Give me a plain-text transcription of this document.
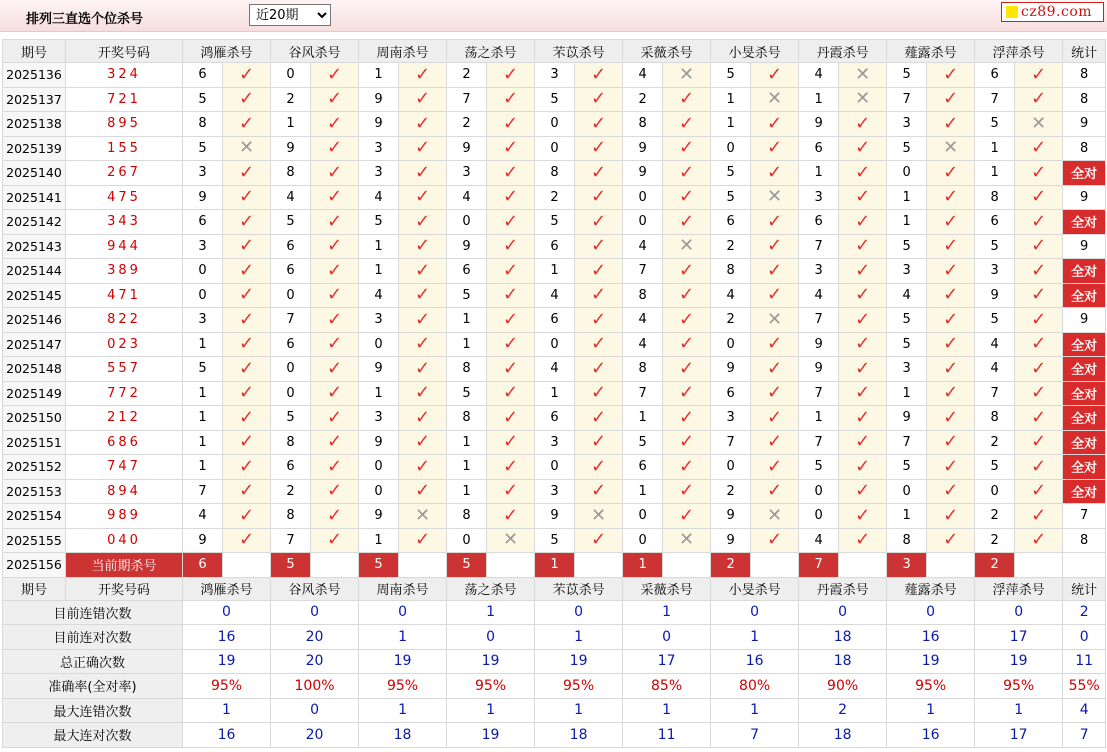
排列三直选个位杀号
近20期	cz89.com
期号	开奖号码	鸿雁杀号		谷风杀号		周南杀号		荡之杀号		芣苡杀号		采薇杀号		小旻杀号		丹霞杀号		薤露杀号		浮萍杀号		统计
2025136	324	6	✓	0	✓	1	✓	2	✓	3	✓	4	✕	5	✓	4	✕	5	✓	6	✓	8
2025137	721	5	✓	2	✓	9	✓	7	✓	5	✓	2	✓	1	✕	1	✕	7	✓	7	✓	8
2025138	895	8	✓	1	✓	9	✓	2	✓	0	✓	8	✓	1	✓	9	✓	3	✓	5	✕	9
2025139	155	5	✕	9	✓	3	✓	9	✓	0	✓	9	✓	0	✓	6	✓	5	✕	1	✓	8
2025140	267	3	✓	8	✓	3	✓	3	✓	8	✓	9	✓	5	✓	1	✓	0	✓	1	✓	全对
2025141	475	9	✓	4	✓	4	✓	4	✓	2	✓	0	✓	5	✕	3	✓	1	✓	8	✓	9
2025142	343	6	✓	5	✓	5	✓	0	✓	5	✓	0	✓	6	✓	6	✓	1	✓	6	✓	全对
2025143	944	3	✓	6	✓	1	✓	9	✓	6	✓	4	✕	2	✓	7	✓	5	✓	5	✓	9
2025144	389	0	✓	6	✓	1	✓	6	✓	1	✓	7	✓	8	✓	3	✓	3	✓	3	✓	全对
2025145	471	0	✓	0	✓	4	✓	5	✓	4	✓	8	✓	4	✓	4	✓	4	✓	9	✓	全对
2025146	822	3	✓	7	✓	3	✓	1	✓	6	✓	4	✓	2	✕	7	✓	5	✓	5	✓	9
2025147	023	1	✓	6	✓	0	✓	1	✓	0	✓	4	✓	0	✓	9	✓	5	✓	4	✓	全对
2025148	557	5	✓	0	✓	9	✓	8	✓	4	✓	8	✓	9	✓	9	✓	3	✓	4	✓	全对
2025149	772	1	✓	0	✓	1	✓	5	✓	1	✓	7	✓	6	✓	7	✓	1	✓	7	✓	全对
2025150	212	1	✓	5	✓	3	✓	8	✓	6	✓	1	✓	3	✓	1	✓	9	✓	8	✓	全对
2025151	686	1	✓	8	✓	9	✓	1	✓	3	✓	5	✓	7	✓	7	✓	7	✓	2	✓	全对
2025152	747	1	✓	6	✓	0	✓	1	✓	0	✓	6	✓	0	✓	5	✓	5	✓	5	✓	全对
2025153	894	7	✓	2	✓	0	✓	1	✓	3	✓	1	✓	2	✓	0	✓	0	✓	0	✓	全对
2025154	989	4	✓	8	✓	9	✕	8	✓	9	✕	0	✓	9	✕	0	✓	1	✓	2	✓	7
2025155	040	9	✓	7	✓	1	✓	0	✕	5	✓	0	✕	9	✓	4	✓	8	✓	2	✓	8
2025156	当前期杀号	6		5		5		5		1		1		2		7		3		2		
期号	开奖号码	鸿雁杀号		谷风杀号		周南杀号		荡之杀号		芣苡杀号		采薇杀号		小旻杀号		丹霞杀号		薤露杀号		浮萍杀号		统计
目前连错次数		0		0		0		1		0		1		0		0		0		0		2
目前连对次数		16		20		1		0		1		0		1		18		16		17		0
总正确次数		19		20		19		19		19		17		16		18		19		19		11
准确率(全对率)		95%		100%		95%		95%		95%		85%		80%		90%		95%		95%		55%
最大连错次数		1		0		1		1		1		1		1		2		1		1		4
最大连对次数		16		20		18		19		18		11		7		18		16		17		7
